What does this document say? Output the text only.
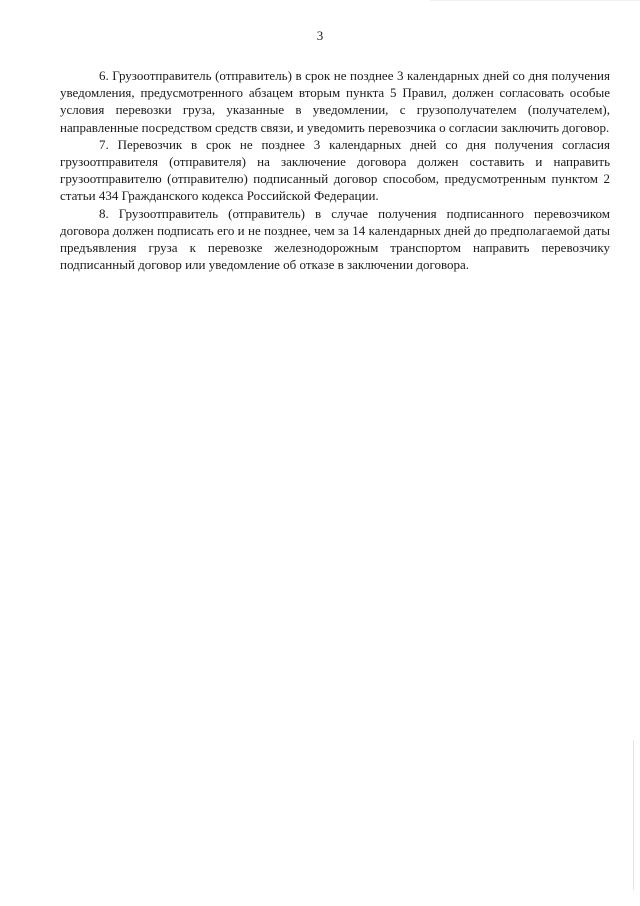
3

6. Грузоотправитель (отправитель) в срок не позднее 3 календарных дней со дня получения уведомления, предусмотренного абзацем вторым пункта 5 Правил, должен согласовать особые условия перевозки груза, указанные в уведомлении, с грузополучателем (получателем), направленные посредством средств связи, и уведомить перевозчика о согласии заключить договор.

7. Перевозчик в срок не позднее 3 календарных дней со дня получения согласия грузоотправителя (отправителя) на заключение договора должен составить и направить грузоотправителю (отправителю) подписанный договор способом, предусмотренным пунктом 2 статьи 434 Гражданского кодекса Российской Федерации.

8. Грузоотправитель (отправитель) в случае получения подписанного перевозчиком договора должен подписать его и не позднее, чем за 14 календарных дней до предполагаемой даты предъявления груза к перевозке железнодорожным транспортом направить перевозчику подписанный договор или уведомление об отказе в заключении договора.
